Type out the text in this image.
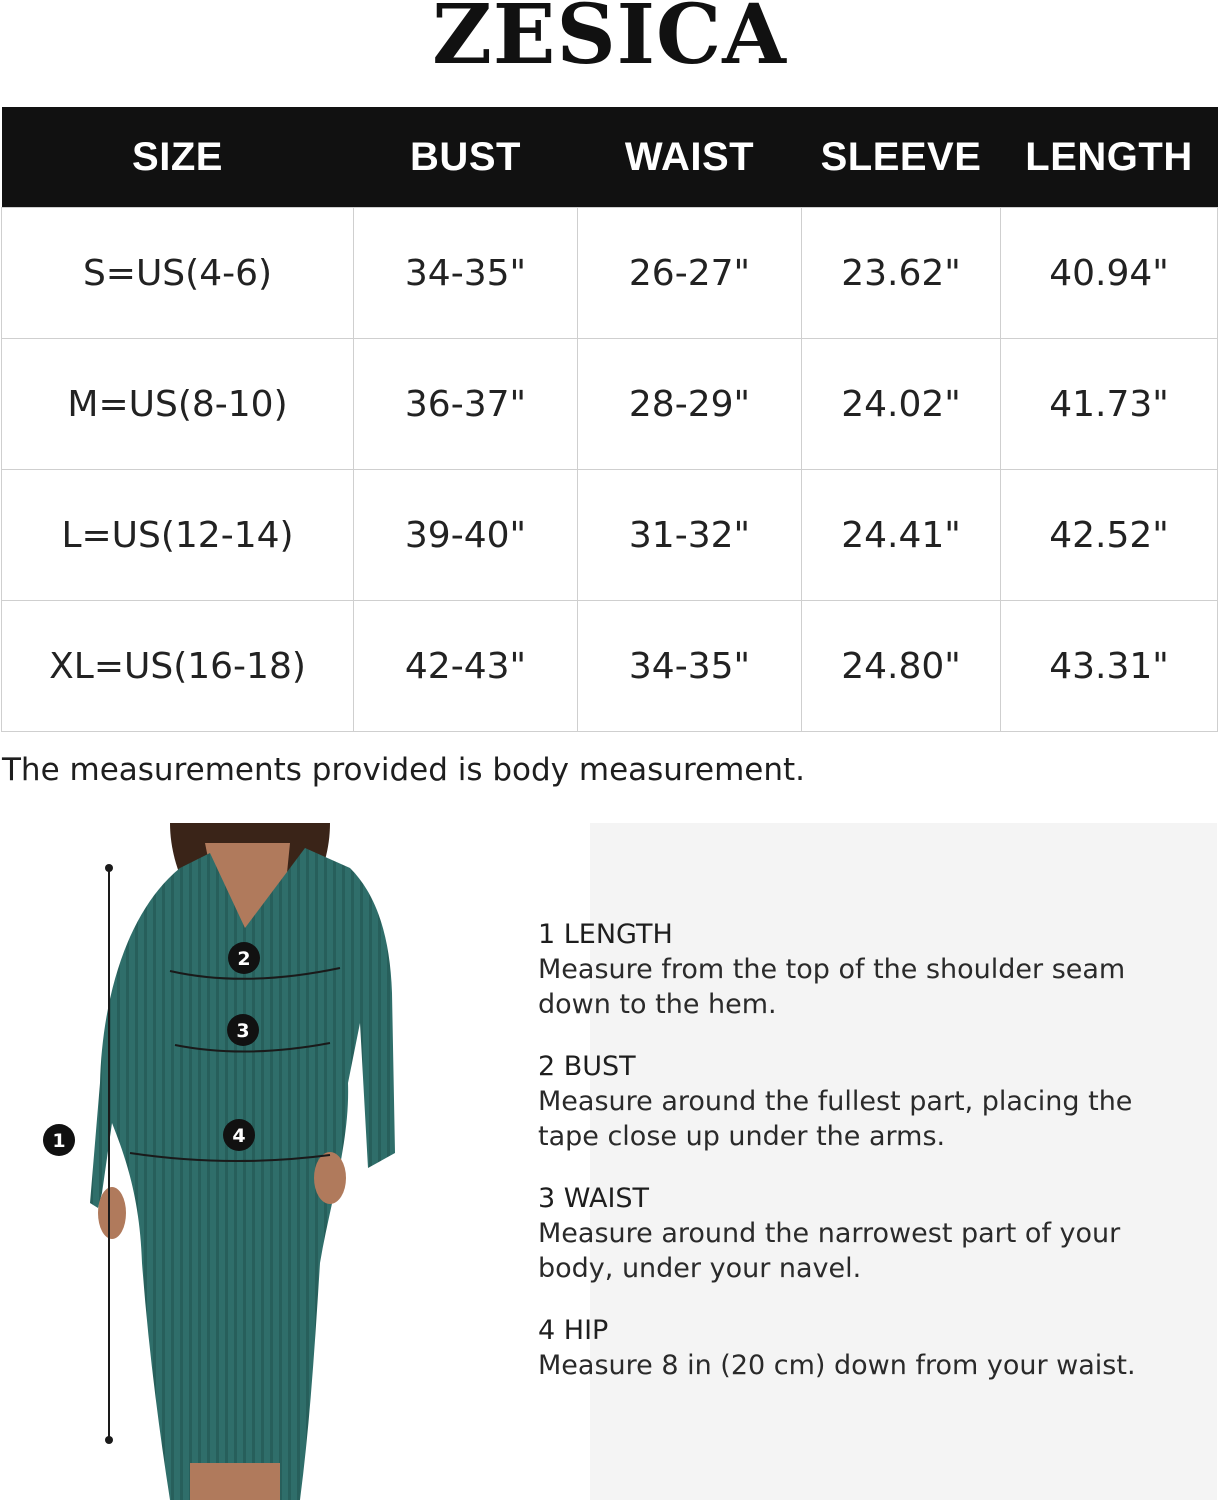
ZESICA
SIZE	BUST	WAIST	SLEEVE	LENGTH
S=US(4-6)	34-35"	26-27"	23.62"	40.94"
M=US(8-10)	36-37"	28-29"	24.02"	41.73"
L=US(12-14)	39-40"	31-32"	24.41"	42.52"
XL=US(16-18)	42-43"	34-35"	24.80"	43.31"
The measurements provided is body measurement.
1
2
3
4
1 LENGTH
Measure from the top of the shoulder seam down to the hem.
2 BUST
Measure around the fullest part, placing the tape close up under the arms.
3 WAIST
Measure around the narrowest part of your body, under your navel.
4 HIP
Measure 8 in (20 cm) down from your waist.
